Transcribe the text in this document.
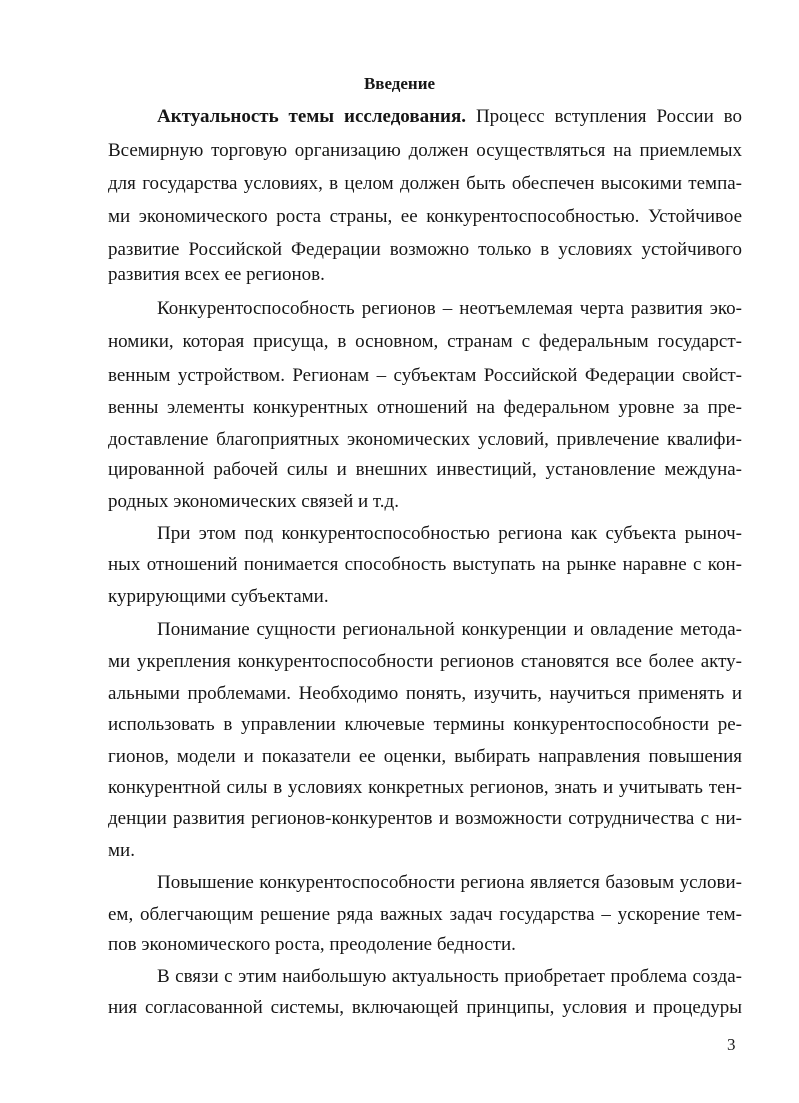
Введение
Актуальность темы исследования. Процесс вступления России во
Всемирную торговую организацию должен осуществляться на приемлемых
для государства условиях, в целом должен быть обеспечен высокими темпа-
ми экономического роста страны, ее конкурентоспособностью. Устойчивое
развитие Российской Федерации возможно только в условиях устойчивого
развития всех ее регионов.
Конкурентоспособность регионов – неотъемлемая черта развития эко-
номики, которая присуща, в основном, странам с федеральным государст-
венным устройством. Регионам – субъектам Российской Федерации свойст-
венны элементы конкурентных отношений на федеральном уровне за пре-
доставление благоприятных экономических условий, привлечение квалифи-
цированной рабочей силы и внешних инвестиций, установление междуна-
родных экономических связей и т.д.
При этом под конкурентоспособностью региона как субъекта рыноч-
ных отношений понимается способность выступать на рынке наравне с кон-
курирующими субъектами.
Понимание сущности региональной конкуренции и овладение метода-
ми укрепления конкурентоспособности регионов становятся все более акту-
альными проблемами. Необходимо понять, изучить, научиться применять и
использовать в управлении ключевые термины конкурентоспособности ре-
гионов, модели и показатели ее оценки, выбирать направления повышения
конкурентной силы в условиях конкретных регионов, знать и учитывать тен-
денции развития регионов-конкурентов и возможности сотрудничества с ни-
ми.
Повышение конкурентоспособности региона является базовым услови-
ем, облегчающим решение ряда важных задач государства – ускорение тем-
пов экономического роста, преодоление бедности.
В связи с этим наибольшую актуальность приобретает проблема созда-
ния согласованной системы, включающей принципы, условия и процедуры
3
